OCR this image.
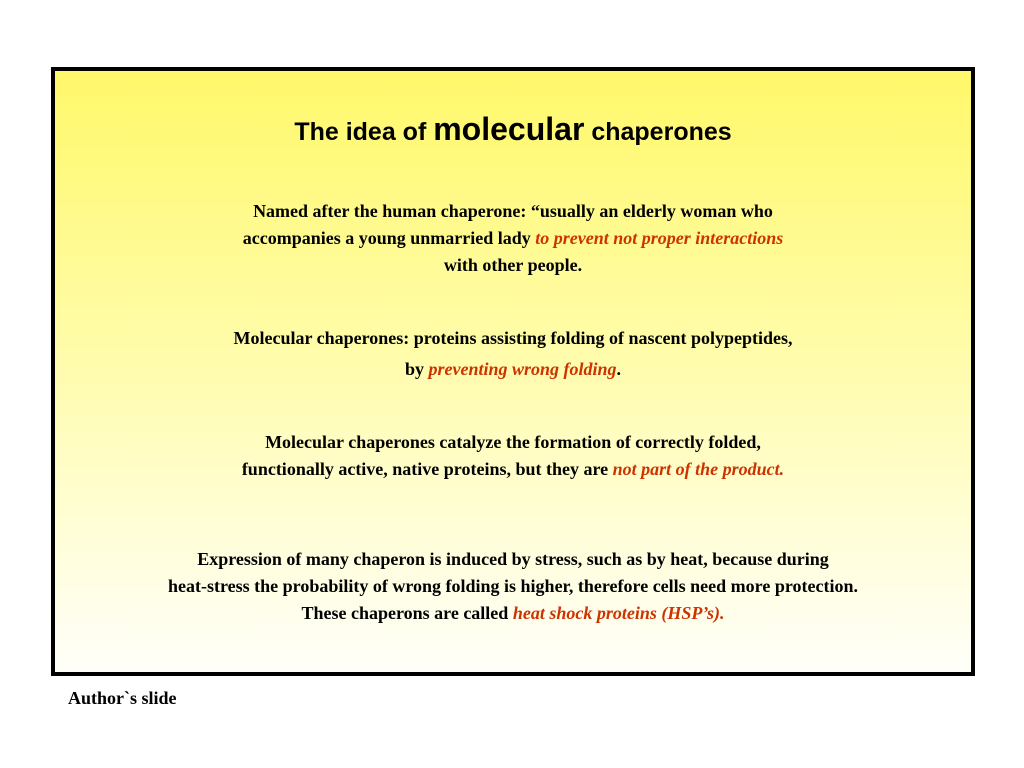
The idea of molecular chaperones
Named after the human chaperone: “usually an elderly woman who
accompanies a young unmarried lady to prevent not proper interactions
with other people.
Molecular chaperones: proteins assisting folding of nascent polypeptides,
by preventing wrong folding.
Molecular chaperones catalyze the formation of correctly folded,
functionally active, native proteins, but they are not part of the product.
Expression of many chaperon is induced by stress, such as by heat, because during
heat-stress the probability of wrong folding is higher, therefore cells need more protection.
These chaperons are called heat shock proteins (HSP’s).
Author`s slide
